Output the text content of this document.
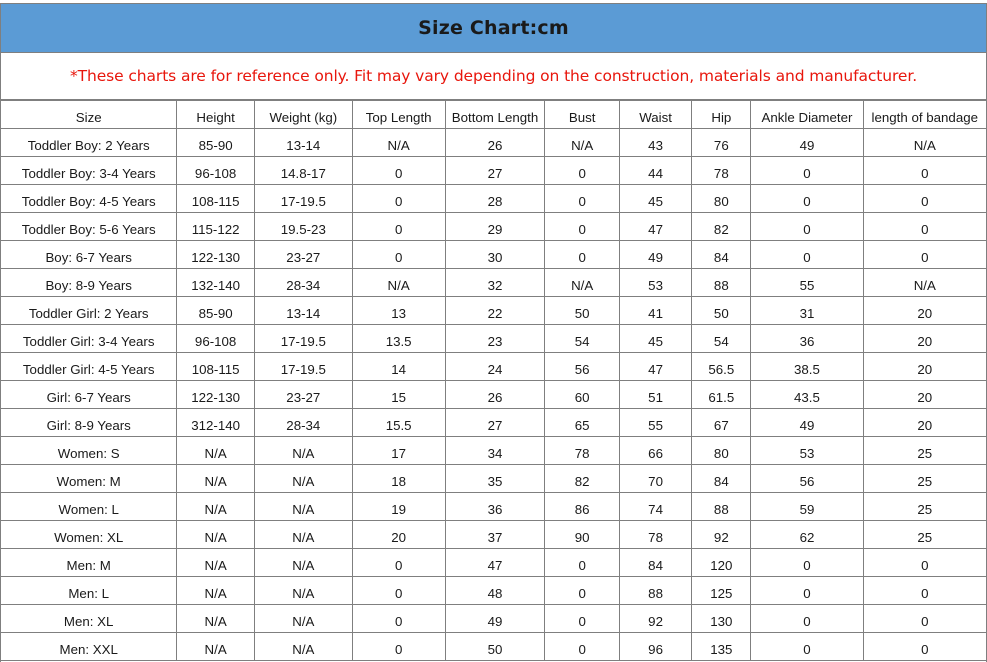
Size Chart:cm
*These charts are for reference only. Fit may vary depending on the construction, materials and manufacturer.
Size	Height	Weight (kg)	Top Length	Bottom Length	Bust	Waist	Hip	Ankle Diameter	length of bandage
Toddler Boy: 2 Years	85-90	13-14	N/A	26	N/A	43	76	49	N/A
Toddler Boy: 3-4 Years	96-108	14.8-17	0	27	0	44	78	0	0
Toddler Boy: 4-5 Years	108-115	17-19.5	0	28	0	45	80	0	0
Toddler Boy: 5-6 Years	115-122	19.5-23	0	29	0	47	82	0	0
Boy: 6-7 Years	122-130	23-27	0	30	0	49	84	0	0
Boy: 8-9 Years	132-140	28-34	N/A	32	N/A	53	88	55	N/A
Toddler Girl: 2 Years	85-90	13-14	13	22	50	41	50	31	20
Toddler Girl: 3-4 Years	96-108	17-19.5	13.5	23	54	45	54	36	20
Toddler Girl: 4-5 Years	108-115	17-19.5	14	24	56	47	56.5	38.5	20
Girl: 6-7 Years	122-130	23-27	15	26	60	51	61.5	43.5	20
Girl: 8-9 Years	312-140	28-34	15.5	27	65	55	67	49	20
Women: S	N/A	N/A	17	34	78	66	80	53	25
Women: M	N/A	N/A	18	35	82	70	84	56	25
Women: L	N/A	N/A	19	36	86	74	88	59	25
Women: XL	N/A	N/A	20	37	90	78	92	62	25
Men: M	N/A	N/A	0	47	0	84	120	0	0
Men: L	N/A	N/A	0	48	0	88	125	0	0
Men: XL	N/A	N/A	0	49	0	92	130	0	0
Men: XXL	N/A	N/A	0	50	0	96	135	0	0
